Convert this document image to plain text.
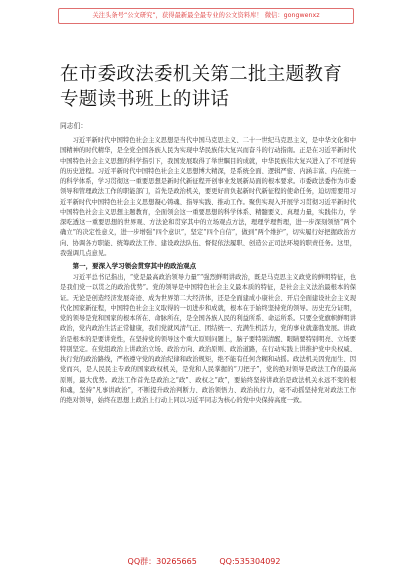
关注头条号“公文研究”，获得最新最全最专业的公文资料库！ 微信：gongwenxz
在市委政法委机关第二批主题教育专题读书班上的讲话
同志们：

习近平新时代中国特色社会主义思想是当代中国马克思主义、二十一世纪马克思主义，是中华文化和中国精神的时代精华，是全党全国各族人民为实现中华民族伟大复兴而奋斗的行动指南。正是在习近平新时代中国特色社会主义思想的科学指引下，我国发展取得了举世瞩目的成就，中华民族伟大复兴进入了不可逆转的历史进程。习近平新时代中国特色社会主义思想博大精深，是系统全面、逻辑严密、内涵丰富、内在统一的科学体系，学习贯彻这一重要思想是新时代新征程开创事业发展新局面的根本要求。市委政法委作为市委领导和管理政法工作的职能部门，首先是政治机关，要更好肩负起新时代新征程的使命任务，迫切需要用习近平新时代中国特色社会主义思想凝心铸魂、指导实践、推动工作。聚焦实现入开展学习贯彻习近平新时代中国特色社会主义思想主题教育，全面领会这一重要思想的科学体系、精髓要义、真理力量，实践伟力，学深吃透这一重要思想的世界观、方法论和贯穿其中的立场观点方法，理理学理哲理，进一步深刻领悟“两个确立”的决定性意义，进一步增强“四个意识”，坚定“四个自信”，做到“两个维护”，切实履行好把握政治方向、协调各方职能、统筹政法工作、建设政法队伍、督促依法履职、创造公正司法环境的职责任务。这里，我强调几点意见。

第一，要深入学习领会贯穿其中的政治观点

习近平总书记指出，“党是最高政治领导力量”“强烈鲜明讲政治，既是马克思主义政党的鲜明特征，也是我们党一以贯之的政治优势”。党的领导是中国特色社会主义最本质的特征，是社会主义法治最根本的保证。无论是创造经济发展奇迹、成为世界第二大经济体，还是全面建成小康社会、开启全面建设社会主义现代化国家新征程，中国特色社会主义取得的一切进步和成就，根本在于始终坚持党的领导。历史充分证明，党的领导是党和国家的根本所在、命脉所在，是全国各族人民的利益所系、命运所系。只要全党旗帜鲜明讲政治，党内政治生活正常健康，我们党就风清气正、团结统一、充满生机活力，党的事业就蓬勃发展。讲政治是根本的是要讲党性，在坚持党的领导这个重大原则问题上，脑子要特别清醒、眼睛要特别明亮、立场要特别坚定。在党组政治上讲政治立场、政治方向、政治原则、政治道路，在行动实践上讲推护党中央权威、执行党的政治路线，严格遵守党的政治纪律和政治规矩，绝不能有任何含糊和动摇。政法机关因党而生、因党而兴，是人民民主专政的国家政权机关，是党和人民掌握的“刀把子”，党的绝对领导是政法工作的最高原则，最大优势。政法工作首先是政治之“政”、政权之“政”，要始终坚持讲政治是政法机关永远不变的根和魂，坚持“凡事讲政治”，不断提升政治判断力、政治领悟力、政治执行力，毫不动摇坚持党对政法工作的绝对领导，始终在思想上政治上行动上同以习近平同志为核心的党中央保持高度一致。

QQ群：30265665	QQ:535304092
